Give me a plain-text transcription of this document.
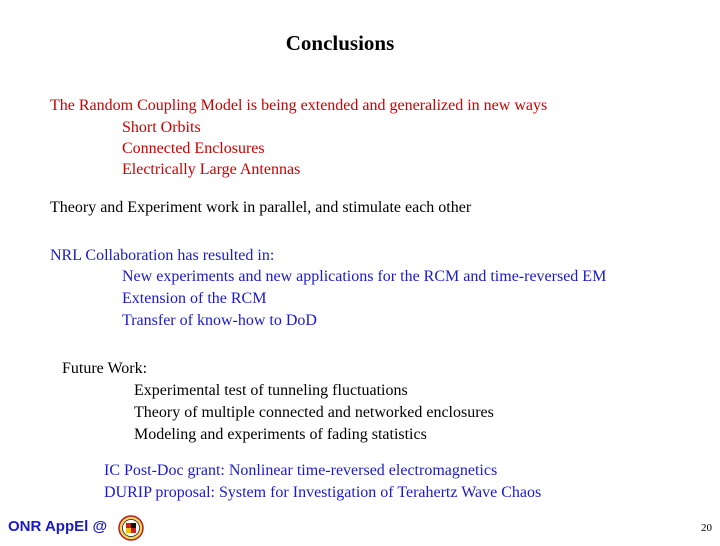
Conclusions
The Random Coupling Model is being extended and generalized in new ways
Short Orbits
Connected Enclosures
Electrically Large Antennas
Theory and Experiment work in parallel, and stimulate each other
NRL Collaboration has resulted in:
New experiments and new applications for the RCM and time-reversed EM
Extension of the RCM
Transfer of know-how to DoD
Future Work:
Experimental test of tunneling fluctuations
Theory of multiple connected and networked enclosures
Modeling and experiments of fading statistics
IC Post-Doc grant: Nonlinear time-reversed electromagnetics
DURIP proposal: System for Investigation of Terahertz Wave Chaos
ONR AppEl @	20
